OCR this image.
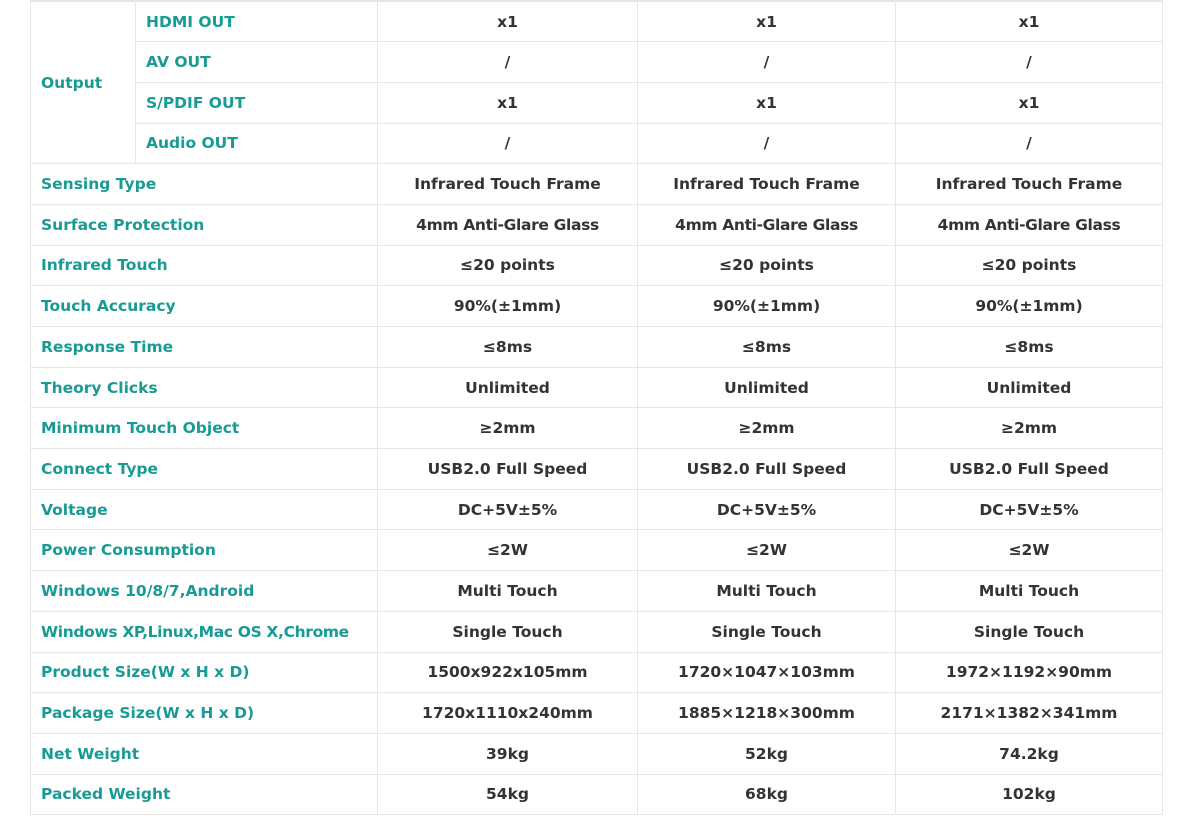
Output	HDMI OUT	x1	x1	x1
	AV OUT	/	/	/
	S/PDIF OUT	x1	x1	x1
	Audio OUT	/	/	/
Sensing Type		Infrared Touch Frame	Infrared Touch Frame	Infrared Touch Frame
Surface Protection		4mm Anti-Glare Glass	4mm Anti-Glare Glass	4mm Anti-Glare Glass
Infrared Touch		≤20 points	≤20 points	≤20 points
Touch Accuracy		90%(±1mm)	90%(±1mm)	90%(±1mm)
Response Time		≤8ms	≤8ms	≤8ms
Theory Clicks		Unlimited	Unlimited	Unlimited
Minimum Touch Object		≥2mm	≥2mm	≥2mm
Connect Type		USB2.0 Full Speed	USB2.0 Full Speed	USB2.0 Full Speed
Voltage		DC+5V±5%	DC+5V±5%	DC+5V±5%
Power Consumption		≤2W	≤2W	≤2W
Windows 10/8/7,Android		Multi Touch	Multi Touch	Multi Touch
Windows XP,Linux,Mac OS X,Chrome		Single Touch	Single Touch	Single Touch
Product Size(W x H x D)		1500x922x105mm	1720×1047×103mm	1972×1192×90mm
Package Size(W x H x D)		1720x1110x240mm	1885×1218×300mm	2171×1382×341mm
Net Weight		39kg	52kg	74.2kg
Packed Weight		54kg	68kg	102kg
